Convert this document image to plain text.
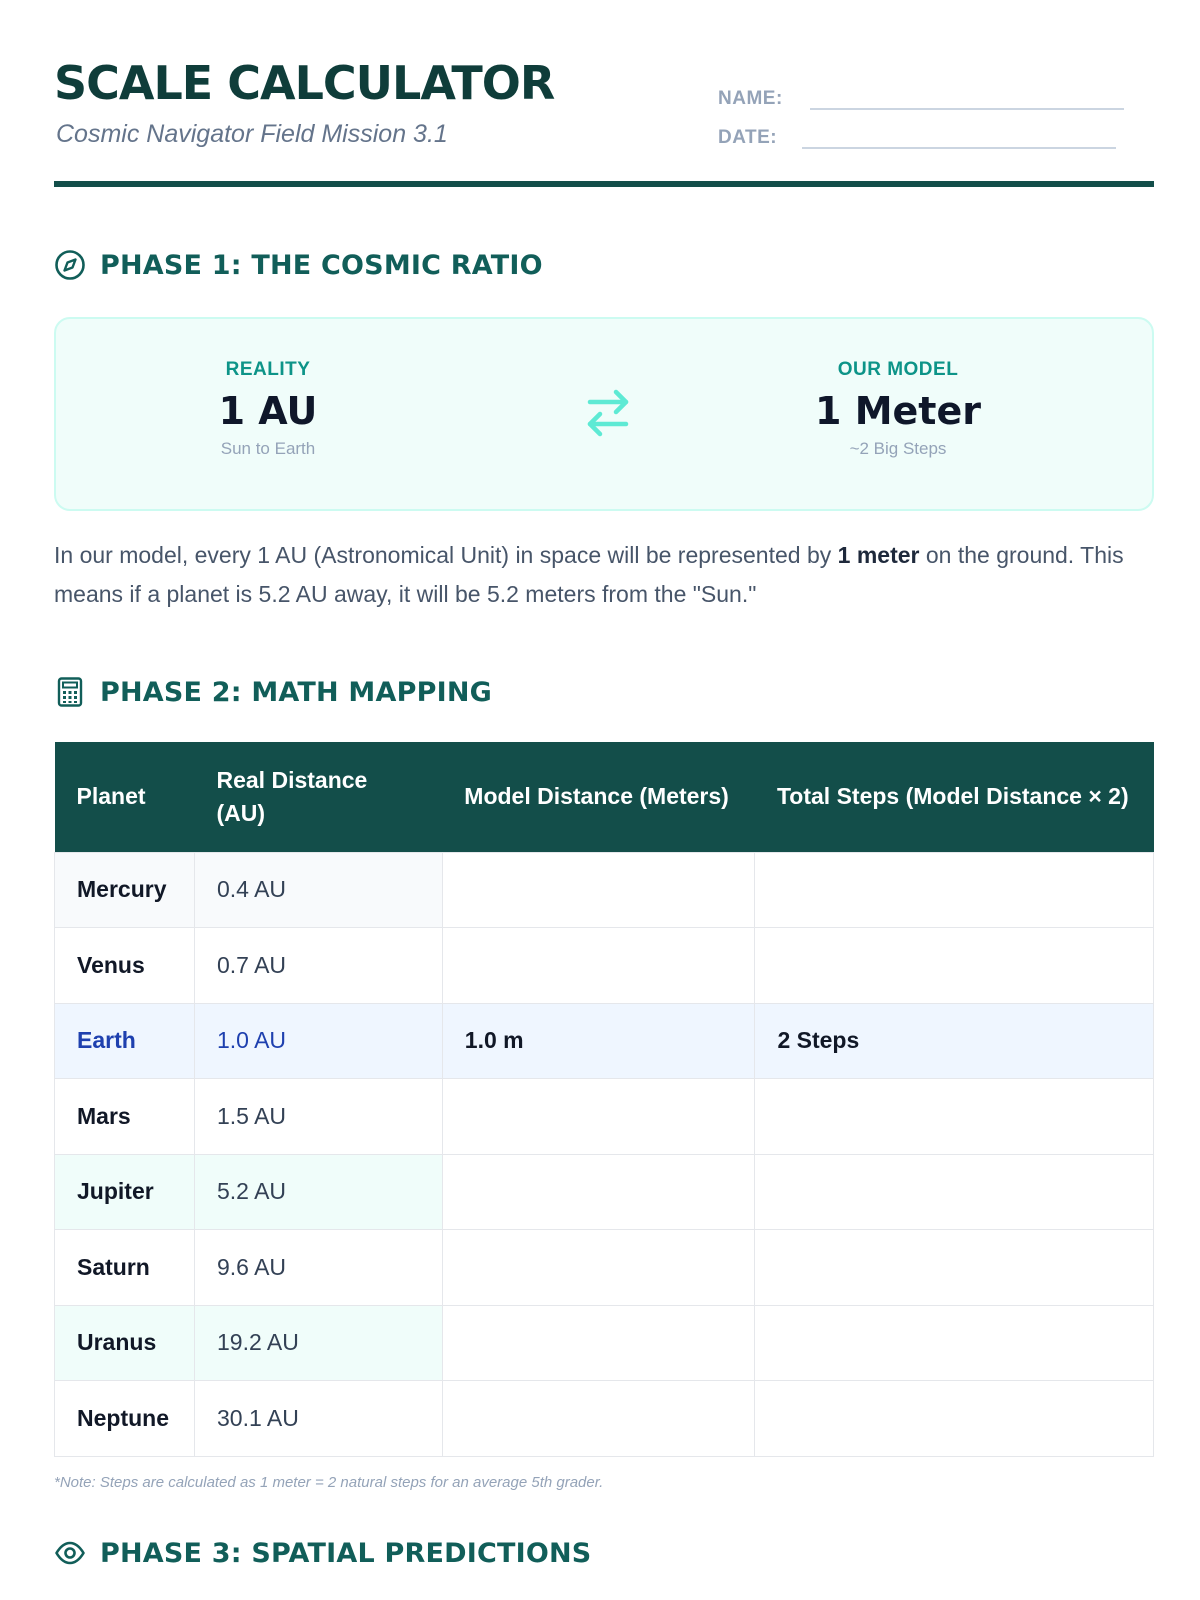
SCALE CALCULATOR
Cosmic Navigator Field Mission 3.1
NAME:
DATE:
PHASE 1: THE COSMIC RATIO
REALITY
1 AU
Sun to Earth
OUR MODEL
1 Meter
~2 Big Steps

In our model, every 1 AU (Astronomical Unit) in space will be represented by 1 meter on the ground. This means if a planet is 5.2 AU away, it will be 5.2 meters from the "Sun."

PHASE 2: MATH MAPPING
Planet	Real Distance (AU)	Model Distance (Meters)	Total Steps (Model Distance × 2)
Mercury	0.4 AU		
Venus	0.7 AU		
Earth	1.0 AU	1.0 m	2 Steps
Mars	1.5 AU		
Jupiter	5.2 AU		
Saturn	9.6 AU		
Uranus	19.2 AU		
Neptune	30.1 AU		
*Note: Steps are calculated as 1 meter = 2 natural steps for an average 5th grader.
PHASE 3: SPATIAL PREDICTIONS
